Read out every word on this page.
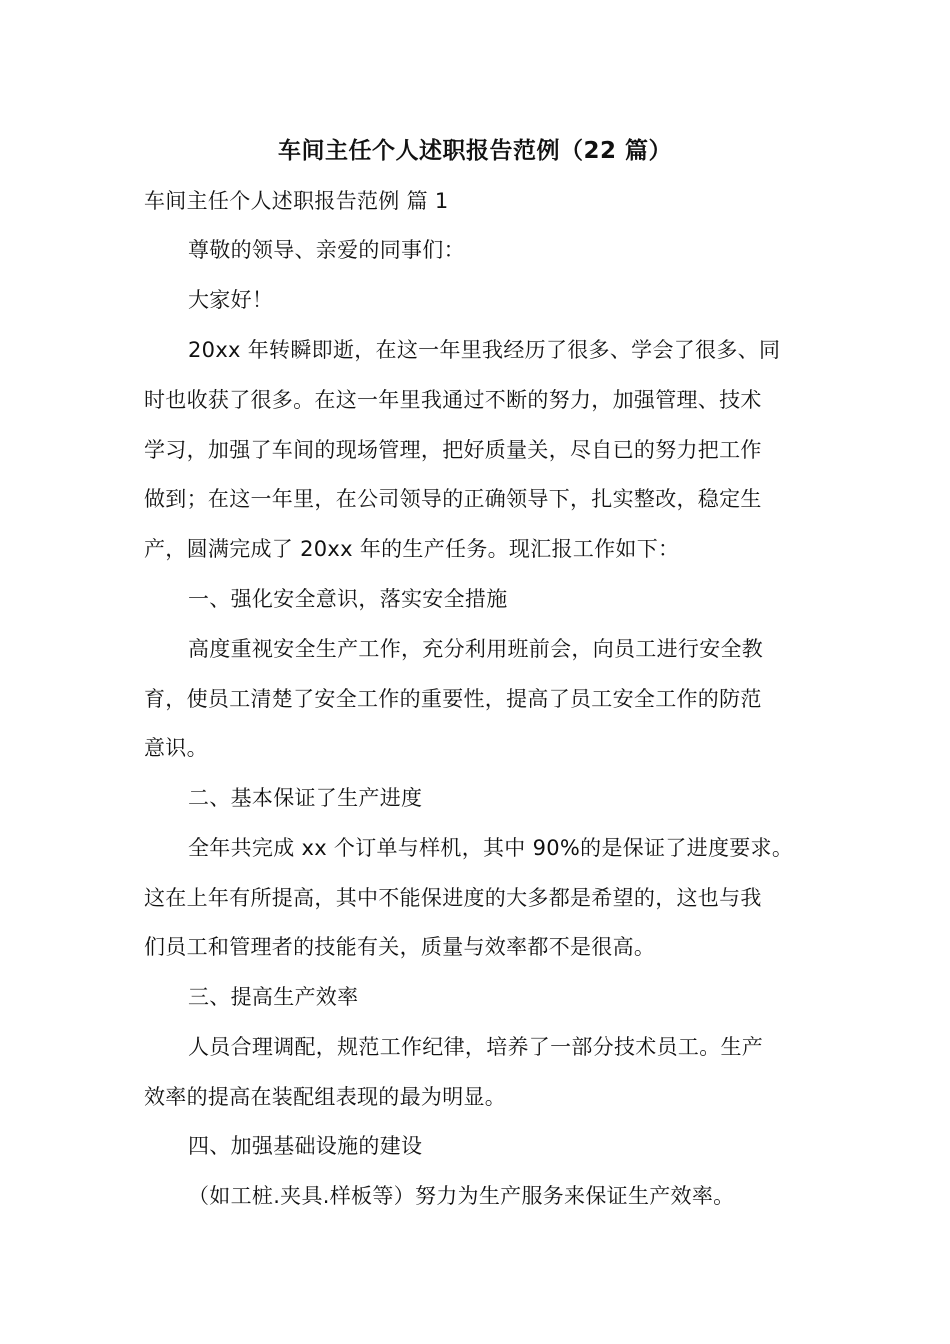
车间主任个人述职报告范例（22 篇）
车间主任个人述职报告范例 篇 1
尊敬的领导、亲爱的同事们：
大家好！
20xx 年转瞬即逝，在这一年里我经历了很多、学会了很多、同
时也收获了很多。在这一年里我通过不断的努力，加强管理、技术
学习，加强了车间的现场管理，把好质量关，尽自已的努力把工作
做到；在这一年里，在公司领导的正确领导下，扎实整改，稳定生
产，圆满完成了 20xx 年的生产任务。现汇报工作如下：
一、强化安全意识，落实安全措施
高度重视安全生产工作，充分利用班前会，向员工进行安全教
育，使员工清楚了安全工作的重要性，提高了员工安全工作的防范
意识。
二、基本保证了生产进度
全年共完成 xx 个订单与样机，其中 90%的是保证了进度要求。
这在上年有所提高，其中不能保进度的大多都是希望的，这也与我
们员工和管理者的技能有关，质量与效率都不是很高。
三、提高生产效率
人员合理调配，规范工作纪律，培养了一部分技术员工。生产
效率的提高在装配组表现的最为明显。
四、加强基础设施的建设
（如工桩.夹具.样板等）努力为生产服务来保证生产效率。
